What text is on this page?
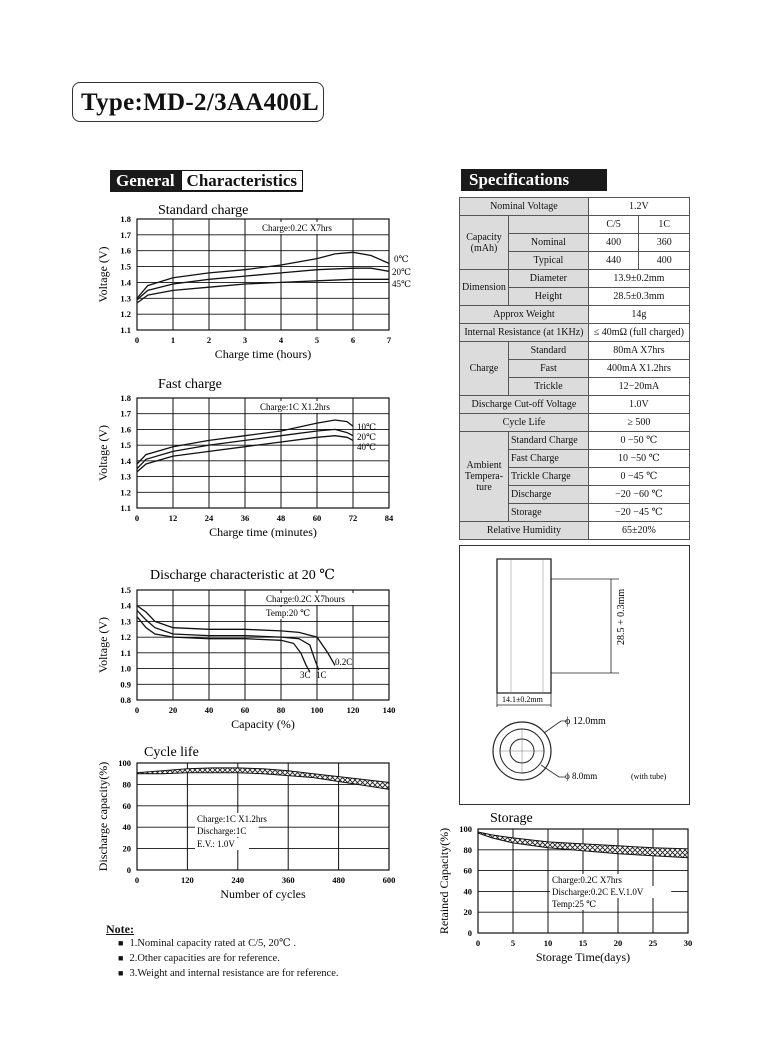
Type:MD-2/3AA400L
General Characteristics	Specifications
0	1	2	3	4	5	6	7
1.1
1.2
1.3
1.4
1.5
1.6
1.7
1.8
Standard charge
Charge time (hours)
Voltage (V)
Charge:0.2C X7hrs
0℃
20℃
45℃
0	12	24	36	48	60	72	84
1.1
1.2
1.3
1.4
1.5
1.6
1.7
1.8
Fast charge
Charge time (minutes)
Voltage (V)
Charge:1C X1.2hrs
10℃
20℃
40℃
0	20	40	60	80	100	120	140
0.8
0.9
1.0
1.1
1.2
1.3
1.4
1.5
Discharge characteristic at 20 ℃
Capacity (%)
Voltage (V)
Charge:0.2C X7hours
Temp:20 ℃
0.2C
1C
3C
0	120	240	360	480	600
0
20
40
60
80
100
Cycle life
Number of cycles
Discharge capacity(%)	Charge:1C X1.2hrs
Discharge:1C
E.V.: 1.0V
0	5	10	15	20	25	30
0
20
40
60
80
100
Storage
Storage Time(days)
Retained Capacity(%)	Charge:0.2C X7hrs
Discharge:0.2C E.V.1.0V
Temp:25 ℃
Nominal Voltage		1.2V	
Capacity (mAh)		C/5	1C
	Nominal	400	360
	Typical	440	400
Dimension	Diameter	13.9±0.2mm	
	Height	28.5±0.3mm	
Approx Weight		14g	
Internal Resistance (at 1KHz)		≤ 40mΩ (full charged)	
Charge	Standard	80mA X7hrs	
	Fast	400mA X1.2hrs	
	Trickle	12−20mA	
Discharge Cut-off Voltage		1.0V	
Cycle Life		≥ 500	
Ambient Tempera- ture	Standard Charge	0 −50 ℃	
	Fast Charge	10 −50 ℃	
	Trickle Charge	0 −45 ℃	
	Discharge	−20 −60 ℃	
	Storage	−20 −45 ℃	
Relative Humidity		65±20%	
28.5 + 0.3mm
14.1±0.2mm
ϕ 12.0mm
ϕ 8.0mm	(with tube)
Note:
■ 1.Nominal capacity rated at C/5, 20℃ .
■ 2.Other capacities are for reference.
■ 3.Weight and internal resistance are for reference.
